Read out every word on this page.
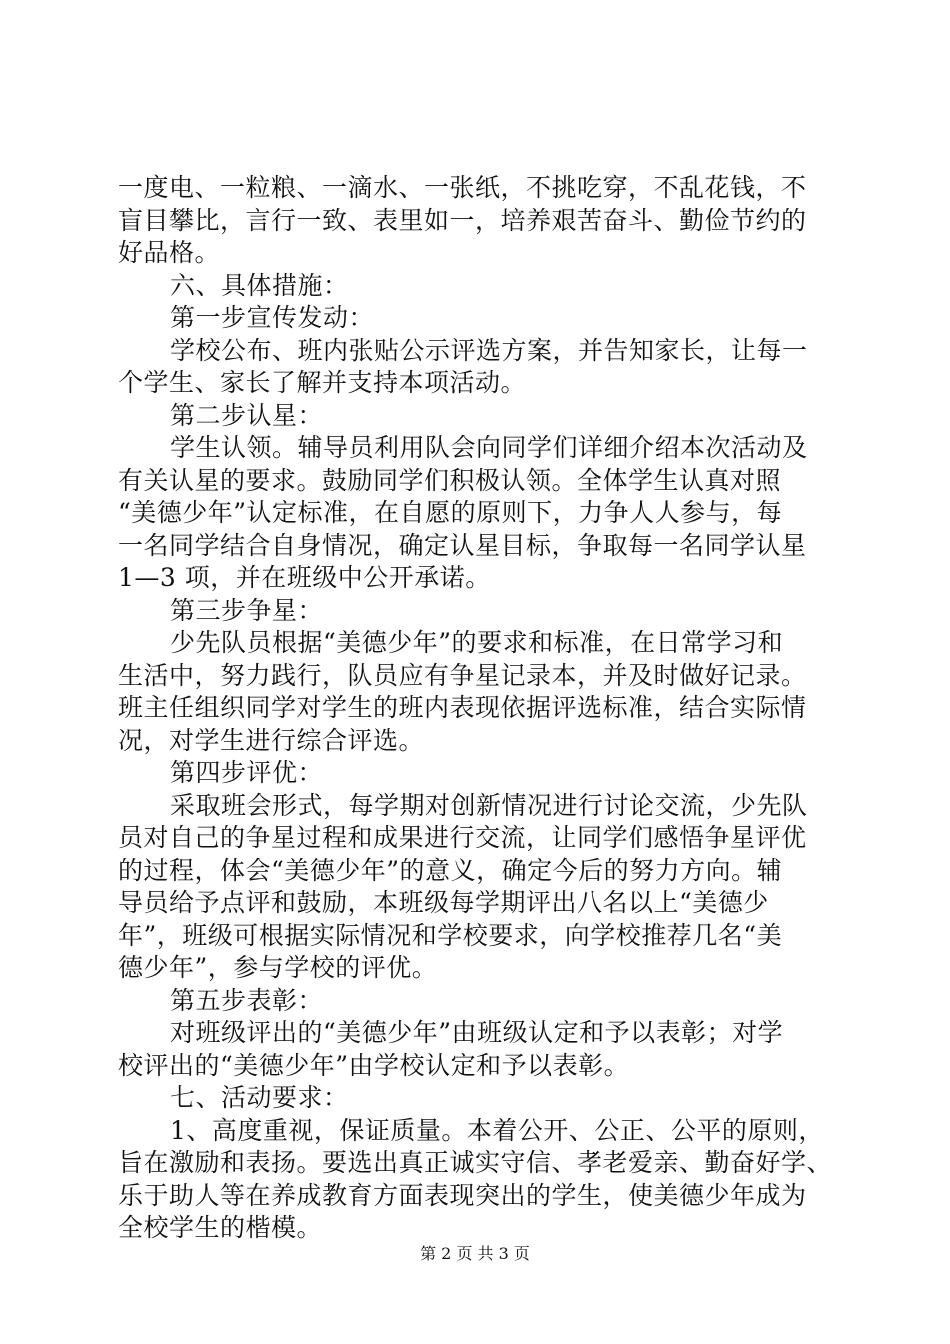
一度电、一粒粮、一滴水、一张纸，不挑吃穿，不乱花钱，不
盲目攀比，言行一致、表里如一，培养艰苦奋斗、勤俭节约的
好品格。
六、具体措施：
第一步宣传发动：
学校公布、班内张贴公示评选方案，并告知家长，让每一
个学生、家长了解并支持本项活动。
第二步认星：
学生认领。辅导员利用队会向同学们详细介绍本次活动及
有关认星的要求。鼓励同学们积极认领。全体学生认真对照
“美德少年”认定标准，在自愿的原则下，力争人人参与，每
一名同学结合自身情况，确定认星目标，争取每一名同学认星
1—3 项，并在班级中公开承诺。
第三步争星：
少先队员根据“美德少年”的要求和标准，在日常学习和
生活中，努力践行，队员应有争星记录本，并及时做好记录。
班主任组织同学对学生的班内表现依据评选标准，结合实际情
况，对学生进行综合评选。
第四步评优：
采取班会形式，每学期对创新情况进行讨论交流，少先队
员对自己的争星过程和成果进行交流，让同学们感悟争星评优
的过程，体会“美德少年”的意义，确定今后的努力方向。辅
导员给予点评和鼓励，本班级每学期评出八名以上“美德少
年”，班级可根据实际情况和学校要求，向学校推荐几名“美
德少年”，参与学校的评优。
第五步表彰：
对班级评出的“美德少年”由班级认定和予以表彰；对学
校评出的“美德少年”由学校认定和予以表彰。
七、活动要求：
1、高度重视，保证质量。本着公开、公正、公平的原则，
旨在激励和表扬。要选出真正诚实守信、孝老爱亲、勤奋好学、
乐于助人等在养成教育方面表现突出的学生，使美德少年成为
全校学生的楷模。
第 2 页 共 3 页
